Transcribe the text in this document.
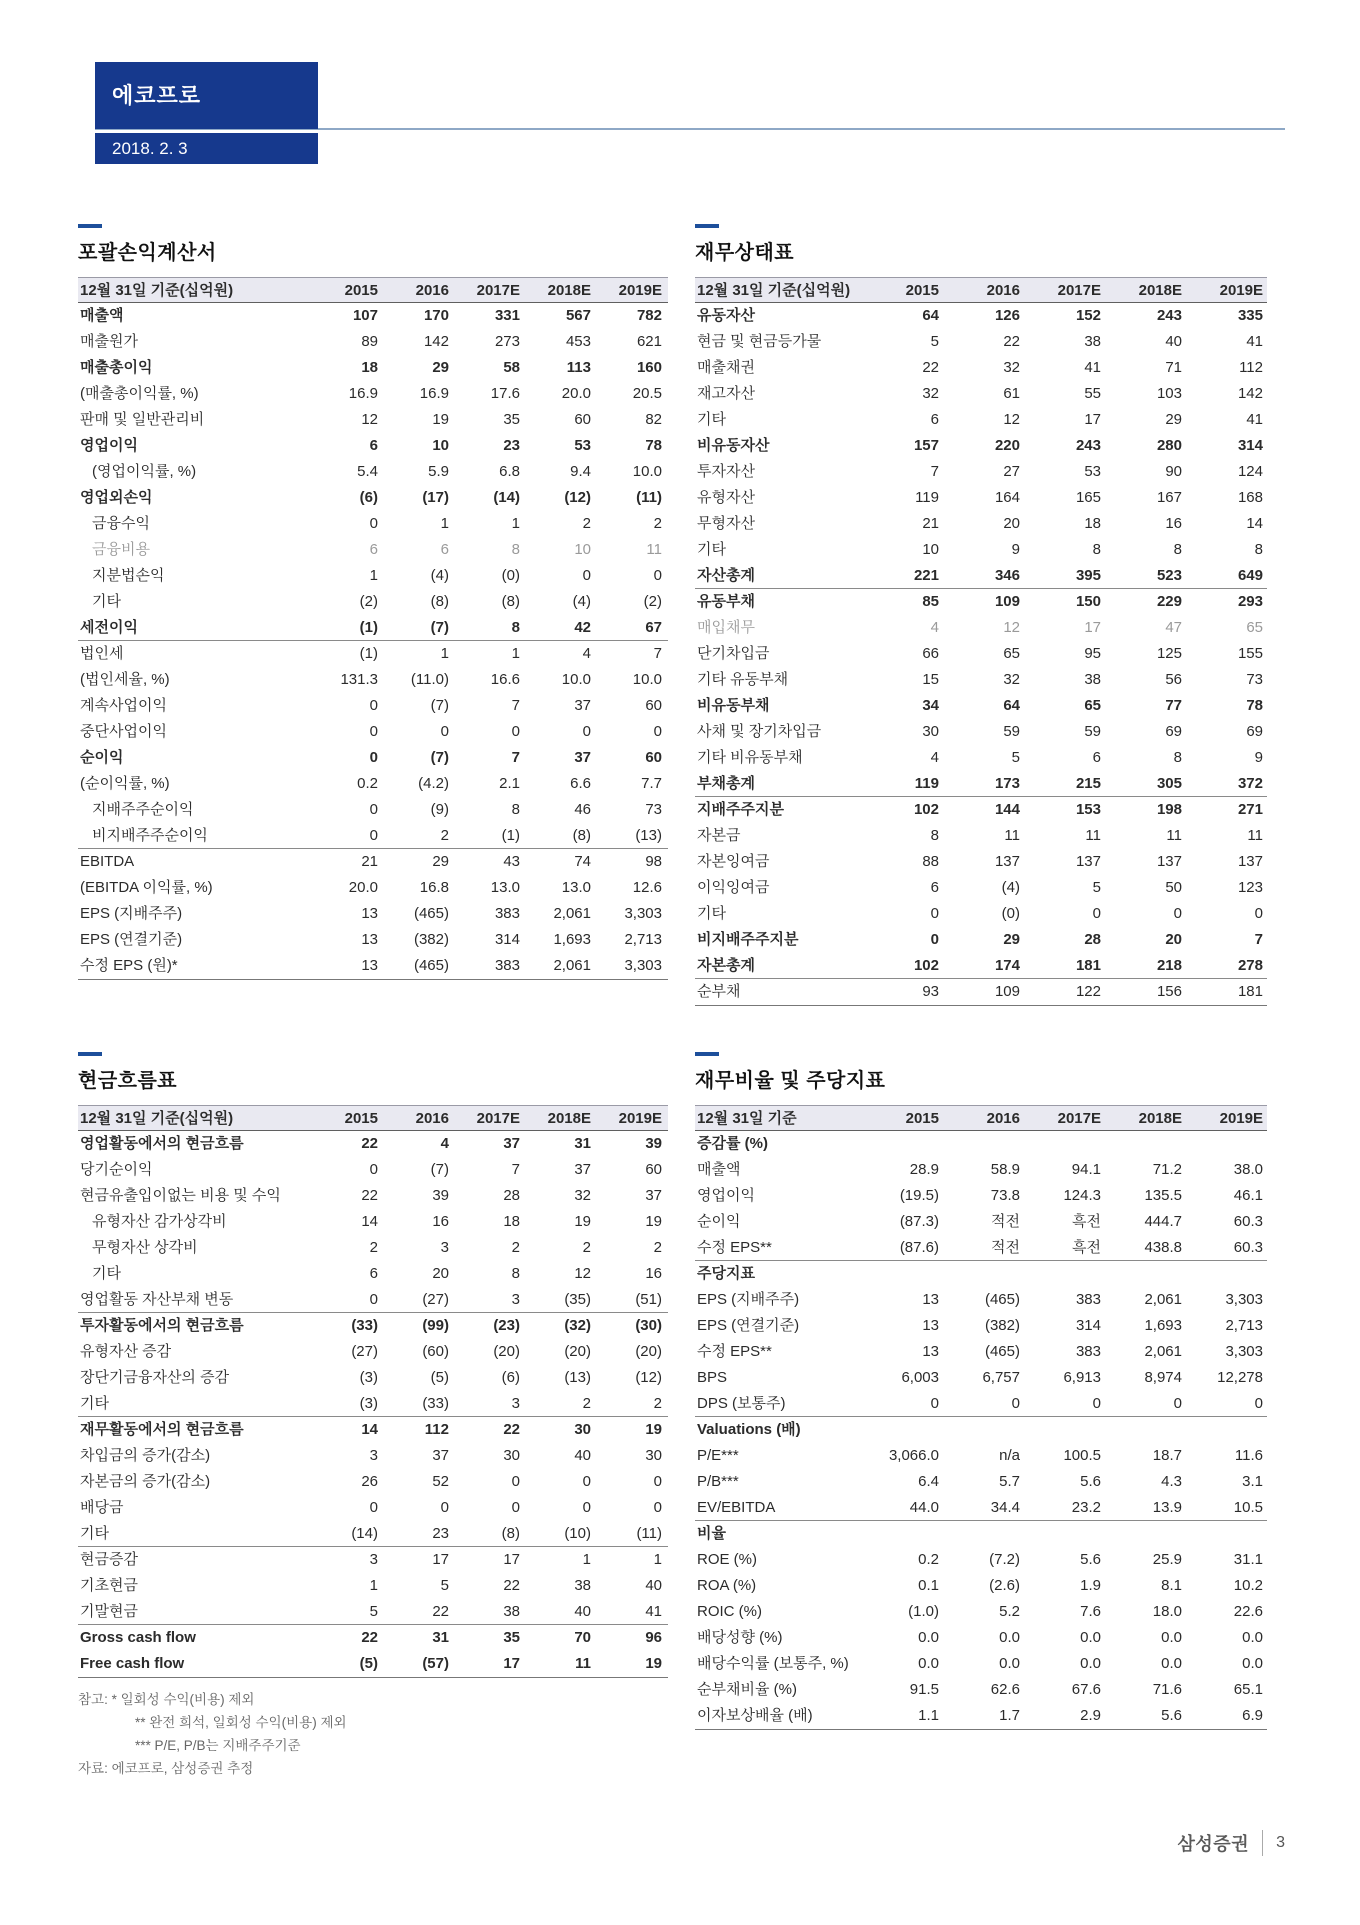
에코프로
2018. 2. 3
포괄손익계산서
12월 31일 기준(십억원)	2015	2016	2017E	2018E	2019E
매출액	107	170	331	567	782
매출원가	89	142	273	453	621
매출총이익	18	29	58	113	160
(매출총이익률, %)	16.9	16.9	17.6	20.0	20.5
판매 및 일반관리비	12	19	35	60	82
영업이익	6	10	23	53	78
(영업이익률, %)	5.4	5.9	6.8	9.4	10.0
영업외손익	(6)	(17)	(14)	(12)	(11)
금융수익	0	1	1	2	2
금융비용	6	6	8	10	11
지분법손익	1	(4)	(0)	0	0
기타	(2)	(8)	(8)	(4)	(2)
세전이익	(1)	(7)	8	42	67
법인세	(1)	1	1	4	7
(법인세율, %)	131.3	(11.0)	16.6	10.0	10.0
계속사업이익	0	(7)	7	37	60
중단사업이익	0	0	0	0	0
순이익	0	(7)	7	37	60
(순이익률, %)	0.2	(4.2)	2.1	6.6	7.7
지배주주순이익	0	(9)	8	46	73
비지배주주순이익	0	2	(1)	(8)	(13)
EBITDA	21	29	43	74	98
(EBITDA 이익률, %)	20.0	16.8	13.0	13.0	12.6
EPS (지배주주)	13	(465)	383	2,061	3,303
EPS (연결기준)	13	(382)	314	1,693	2,713
수정 EPS (원)*	13	(465)	383	2,061	3,303
재무상태표
12월 31일 기준(십억원)	2015	2016	2017E	2018E	2019E
유동자산	64	126	152	243	335
현금 및 현금등가물	5	22	38	40	41
매출채권	22	32	41	71	112
재고자산	32	61	55	103	142
기타	6	12	17	29	41
비유동자산	157	220	243	280	314
투자자산	7	27	53	90	124
유형자산	119	164	165	167	168
무형자산	21	20	18	16	14
기타	10	9	8	8	8
자산총계	221	346	395	523	649
유동부채	85	109	150	229	293
매입채무	4	12	17	47	65
단기차입금	66	65	95	125	155
기타 유동부채	15	32	38	56	73
비유동부채	34	64	65	77	78
사채 및 장기차입금	30	59	59	69	69
기타 비유동부채	4	5	6	8	9
부채총계	119	173	215	305	372
지배주주지분	102	144	153	198	271
자본금	8	11	11	11	11
자본잉여금	88	137	137	137	137
이익잉여금	6	(4)	5	50	123
기타	0	(0)	0	0	0
비지배주주지분	0	29	28	20	7
자본총계	102	174	181	218	278
순부채	93	109	122	156	181
현금흐름표
12월 31일 기준(십억원)	2015	2016	2017E	2018E	2019E
영업활동에서의 현금흐름	22	4	37	31	39
당기순이익	0	(7)	7	37	60
현금유출입이없는 비용 및 수익	22	39	28	32	37
유형자산 감가상각비	14	16	18	19	19
무형자산 상각비	2	3	2	2	2
기타	6	20	8	12	16
영업활동 자산부채 변동	0	(27)	3	(35)	(51)
투자활동에서의 현금흐름	(33)	(99)	(23)	(32)	(30)
유형자산 증감	(27)	(60)	(20)	(20)	(20)
장단기금융자산의 증감	(3)	(5)	(6)	(13)	(12)
기타	(3)	(33)	3	2	2
재무활동에서의 현금흐름	14	112	22	30	19
차입금의 증가(감소)	3	37	30	40	30
자본금의 증가(감소)	26	52	0	0	0
배당금	0	0	0	0	0
기타	(14)	23	(8)	(10)	(11)
현금증감	3	17	17	1	1
기초현금	1	5	22	38	40
기말현금	5	22	38	40	41
Gross cash flow	22	31	35	70	96
Free cash flow	(5)	(57)	17	11	19
재무비율 및 주당지표
12월 31일 기준	2015	2016	2017E	2018E	2019E
증감률 (%)
매출액	28.9	58.9	94.1	71.2	38.0
영업이익	(19.5)	73.8	124.3	135.5	46.1
순이익	(87.3)	적전	흑전	444.7	60.3
수정 EPS**	(87.6)	적전	흑전	438.8	60.3
주당지표
EPS (지배주주)	13	(465)	383	2,061	3,303
EPS (연결기준)	13	(382)	314	1,693	2,713
수정 EPS**	13	(465)	383	2,061	3,303
BPS	6,003	6,757	6,913	8,974	12,278
DPS (보통주)	0	0	0	0	0
Valuations (배)
P/E***	3,066.0	n/a	100.5	18.7	11.6
P/B***	6.4	5.7	5.6	4.3	3.1
EV/EBITDA	44.0	34.4	23.2	13.9	10.5
비율
ROE (%)	0.2	(7.2)	5.6	25.9	31.1
ROA (%)	0.1	(2.6)	1.9	8.1	10.2
ROIC (%)	(1.0)	5.2	7.6	18.0	22.6
배당성향 (%)	0.0	0.0	0.0	0.0	0.0
배당수익률 (보통주, %)	0.0	0.0	0.0	0.0	0.0
순부채비율 (%)	91.5	62.6	67.6	71.6	65.1
이자보상배율 (배)	1.1	1.7	2.9	5.6	6.9
참고: * 일회성 수익(비용) 제외
** 완전 희석, 일회성 수익(비용) 제외
*** P/E, P/B는 지배주주기준
자료: 에코프로, 삼성증권 추정
삼성증권 3
